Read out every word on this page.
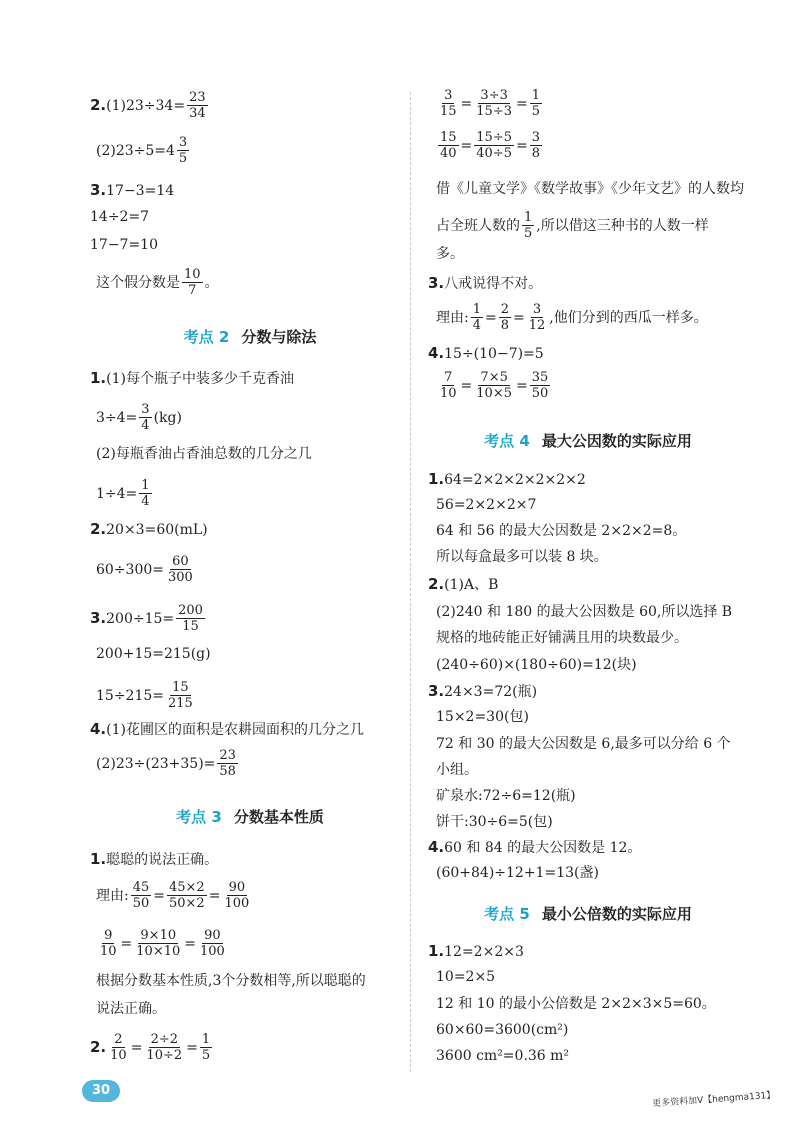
$2.(1)23\div 34= \frac{23}{34}$
$(2)23\div 5=4 \frac{3}{5}$
3.17−3=14
14÷2=7
17−7=10
这个假分数是 $\frac{10}{7}$ 。
考点 2 分数与除法
1.(1)每个瓶子中装多少千克香油
$3\div 4= \frac{3}{4} (kg)$
(2)每瓶香油占香油总数的几分之几
$1\div 4= \frac{1}{4}$
2.20×3=60(mL)
$60\div 300= \frac{60}{300}$
$3.200\div 15= \frac{200}{15}$
200+15=215(g)
$15\div 215= \frac{15}{215}$
4.(1)花圃区的面积是农耕园面积的几分之几
$(2)23\div(23+35)= \frac{23}{58}$
考点 3 分数基本性质
1.聪聪的说法正确。
理由: $\frac{45}{50} = \frac{45\times 2}{50\times 2} = \frac{90}{100}$
$\frac{9}{10} = \frac{9\times 10}{10\times 10} = \frac{90}{100}$
根据分数基本性质,3个分数相等,所以聪聪的
说法正确。
2. $\frac{2}{10} = \frac{2\div 2}{10\div 2} = \frac{1}{5}$
$\frac{3}{15} = \frac{3\div 3}{15\div 3} = \frac{1}{5}$
$\frac{15}{40} = \frac{15\div 5}{40\div 5} = \frac{3}{8}$
借《儿童文学》《数学故事》《少年文艺》的人数均
占全班人数的 $\frac{1}{5}$ ,所以借这三种书的人数一样
多。
3.八戒说得不对。
理由: $\frac{1}{4} = \frac{2}{8} = \frac{3}{12}$ ,他们分到的西瓜一样多。
4.15÷(10−7)=5
$\frac{7}{10} = \frac{7\times 5}{10\times 5} = \frac{35}{50}$
考点 4 最大公因数的实际应用
1.64=2×2×2×2×2×2
56=2×2×2×7
64 和 56 的最大公因数是 2×2×2=8。
所以每盒最多可以装 8 块。
2.(1)A、B
(2)240 和 180 的最大公因数是 60,所以选择 B
规格的地砖能正好铺满且用的块数最少。
(240÷60)×(180÷60)=12(块)
3.24×3=72(瓶)
15×2=30(包)
72 和 30 的最大公因数是 6,最多可以分给 6 个
小组。
矿泉水:72÷6=12(瓶)
饼干:30÷6=5(包)
4.60 和 84 的最大公因数是 12。
(60+84)÷12+1=13(盏)
考点 5 最小公倍数的实际应用
1.12=2×2×3
10=2×5
12 和 10 的最小公倍数是 2×2×3×5=60。
60×60=3600(cm²)
3600 cm²=0.36 m²
30
更多资料加V【hengma131】
